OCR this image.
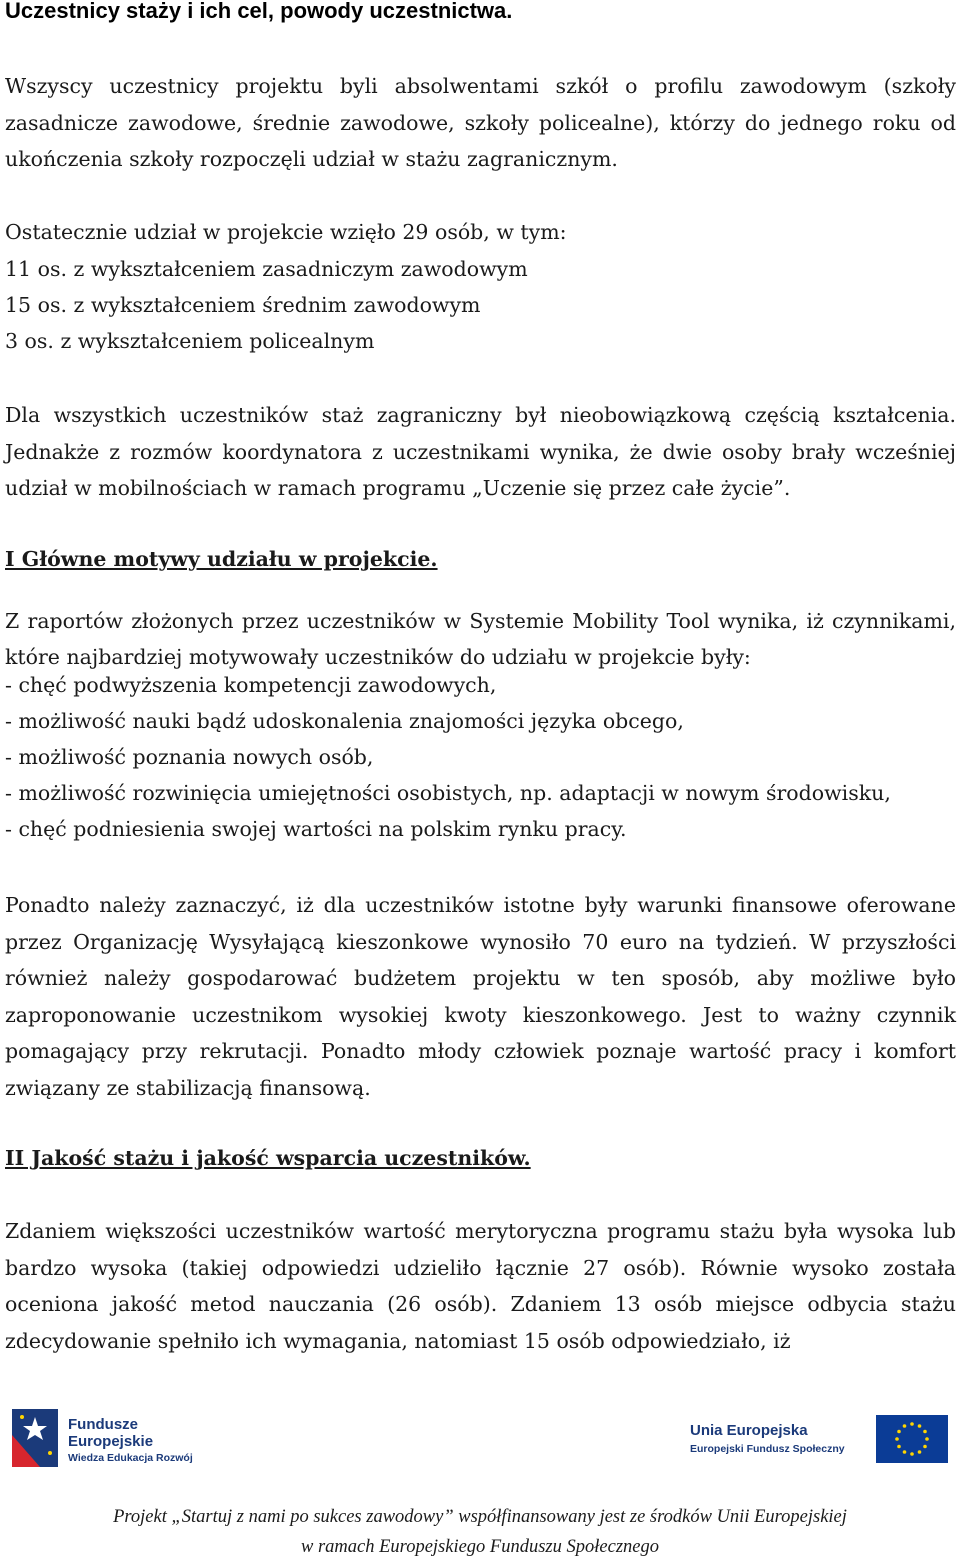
Uczestnicy staży i ich cel, powody uczestnictwa.

Wszyscy uczestnicy projektu byli absolwentami szkół o profilu zawodowym (szkoły zasadnicze zawodowe, średnie zawodowe, szkoły policealne), którzy do jednego roku od ukończenia szkoły rozpoczęli udział w stażu zagranicznym.

Ostatecznie udział w projekcie wzięło 29 osób, w tym:

11 os. z wykształceniem zasadniczym zawodowym
15 os. z wykształceniem średnim zawodowym
3 os. z wykształceniem policealnym

Dla wszystkich uczestników staż zagraniczny był nieobowiązkową częścią kształcenia. Jednakże z rozmów koordynatora z uczestnikami wynika, że dwie osoby brały wcześniej udział w mobilnościach w ramach programu „Uczenie się przez całe życie”.

I Główne motywy udziału w projekcie.

Z raportów złożonych przez uczestników w Systemie Mobility Tool wynika, iż czynnikami, które najbardziej motywowały uczestników do udziału w projekcie były:

- chęć podwyższenia kompetencji zawodowych,
- możliwość nauki bądź udoskonalenia znajomości języka obcego,
- możliwość poznania nowych osób,
- możliwość rozwinięcia umiejętności osobistych, np. adaptacji w nowym środowisku,
- chęć podniesienia swojej wartości na polskim rynku pracy.

Ponadto należy zaznaczyć, iż dla uczestników istotne były warunki finansowe oferowane przez Organizację Wysyłającą kieszonkowe wynosiło 70 euro na tydzień. W przyszłości również należy gospodarować budżetem projektu w ten sposób, aby możliwe było zaproponowanie uczestnikom wysokiej kwoty kieszonkowego. Jest to ważny czynnik pomagający przy rekrutacji. Ponadto młody człowiek poznaje wartość pracy i komfort związany ze stabilizacją finansową.

II Jakość stażu i jakość wsparcia uczestników.

Zdaniem większości uczestników wartość merytoryczna programu stażu była wysoka lub bardzo wysoka (takiej odpowiedzi udzieliło łącznie 27 osób). Równie wysoko została oceniona jakość metod nauczania (26 osób). Zdaniem 13 osób miejsce odbycia stażu zdecydowanie spełniło ich wymagania, natomiast 15 osób odpowiedziało, iż

Fundusze
Europejskie
Wiedza Edukacja Rozwój
Unia Europejska
Europejski Fundusz Społeczny
Projekt „Startuj z nami po sukces zawodowy” współfinansowany jest ze środków Unii Europejskiej
w ramach Europejskiego Funduszu Społecznego
